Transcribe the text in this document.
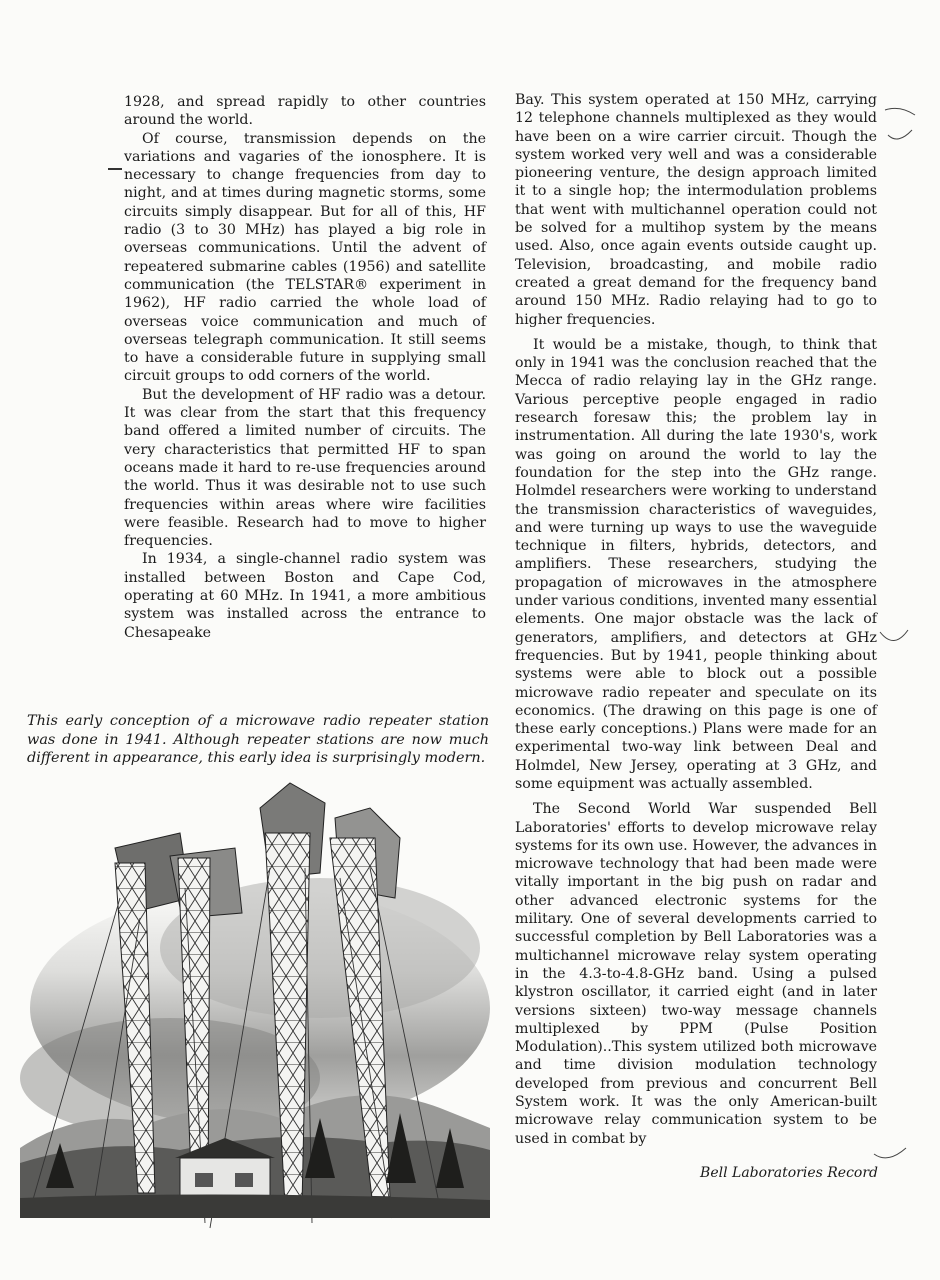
1928, and spread rapidly to other countries around the world.

Of course, transmission depends on the variations and vagaries of the ionosphere. It is necessary to change frequencies from day to night, and at times during magnetic storms, some circuits simply disappear. But for all of this, HF radio (3 to 30 MHz) has played a big role in overseas communications. Until the advent of repeatered submarine cables (1956) and satellite communication (the TELSTAR® experiment in 1962), HF radio carried the whole load of overseas voice communication and much of overseas telegraph communication. It still seems to have a considerable future in supplying small circuit groups to odd corners of the world.

But the development of HF radio was a detour. It was clear from the start that this frequency band offered a limited number of circuits. The very characteristics that permitted HF to span oceans made it hard to re-use frequencies around the world. Thus it was desirable not to use such frequencies within areas where wire facilities were feasible. Research had to move to higher frequencies.

In 1934, a single-channel radio system was installed between Boston and Cape Cod, operating at 60 MHz. In 1941, a more ambitious system was installed across the entrance to Chesapeake

Bay. This system operated at 150 MHz, carrying 12 telephone channels multiplexed as they would have been on a wire carrier circuit. Though the system worked very well and was a considerable pioneering venture, the design approach limited it to a single hop; the intermodulation problems that went with multichannel operation could not be solved for a multihop system by the means used. Also, once again events outside caught up. Television, broadcasting, and mobile radio created a great demand for the frequency band around 150 MHz. Radio relaying had to go to higher frequencies.

It would be a mistake, though, to think that only in 1941 was the conclusion reached that the Mecca of radio relaying lay in the GHz range. Various perceptive people engaged in radio research foresaw this; the problem lay in instrumentation. All during the late 1930's, work was going on around the world to lay the foundation for the step into the GHz range. Holmdel researchers were working to understand the transmission characteristics of waveguides, and were turning up ways to use the waveguide technique in filters, hybrids, detectors, and amplifiers. These researchers, studying the propagation of microwaves in the atmosphere under various conditions, invented many essential elements. One major obstacle was the lack of generators, amplifiers, and detectors at GHz frequencies. But by 1941, people thinking about systems were able to block out a possible microwave radio repeater and speculate on its economics. (The drawing on this page is one of these early conceptions.) Plans were made for an experimental two-way link between Deal and Holmdel, New Jersey, operating at 3 GHz, and some equipment was actually assembled.

The Second World War suspended Bell Laboratories' efforts to develop microwave relay systems for its own use. However, the advances in microwave technology that had been made were vitally important in the big push on radar and other advanced electronic systems for the military. One of several developments carried to successful completion by Bell Laboratories was a multichannel microwave relay system operating in the 4.3-to-4.8-GHz band. Using a pulsed klystron oscillator, it carried eight (and in later versions sixteen) two-way message channels multiplexed by PPM (Pulse Position Modulation)..This system utilized both microwave and time division modulation technology developed from previous and concurrent Bell System work. It was the only American-built microwave relay communication system to be used in combat by

This early conception of a microwave radio repeater station was done in 1941. Although repeater stations are now much different in appearance, this early idea is surprisingly modern.
Bell Laboratories Record
